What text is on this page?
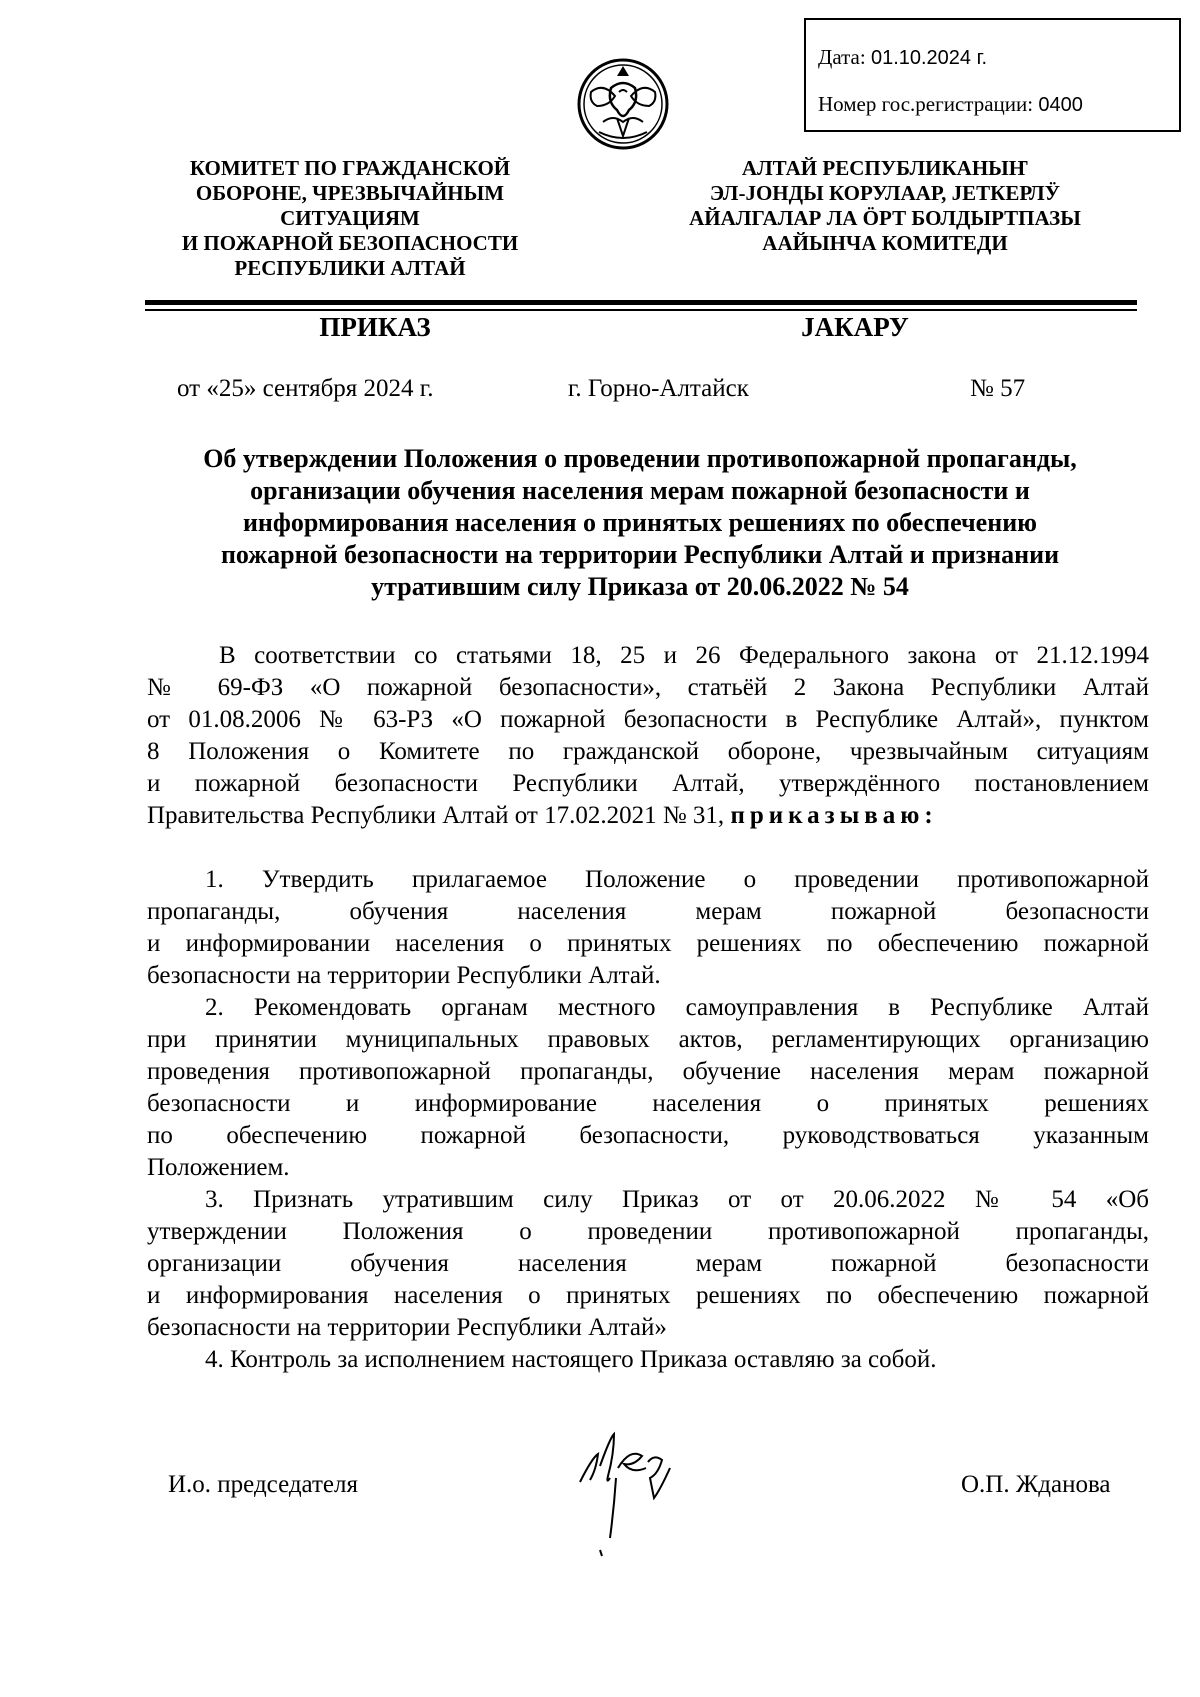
Дата: 01.10.2024 г.
Номер гос.регистрации: 0400
КОМИТЕТ ПО ГРАЖДАНСКОЙ
ОБОРОНЕ, ЧРЕЗВЫЧАЙНЫМ
СИТУАЦИЯМ
И ПОЖАРНОЙ БЕЗОПАСНОСТИ
РЕСПУБЛИКИ АЛТАЙ
АЛТАЙ РЕСПУБЛИКАНЫҤ
ЭЛ-ЈОНДЫ КОРУЛААР, ЈЕТКЕРЛӰ
АЙАЛГАЛАР ЛА ӦРТ БОЛДЫРТПАЗЫ
ААЙЫНЧА КОМИТЕДИ
ПРИКАЗ	ЈАКАРУ
от «25» сентября 2024 г.	г. Горно-Алтайск	№ 57
Об утверждении Положения о проведении противопожарной пропаганды,
организации обучения населения мерам пожарной безопасности и
информирования населения о принятых решениях по обеспечению
пожарной безопасности на территории Республики Алтай и признании
утратившим силу Приказа от 20.06.2022 № 54
В соответствии со статьями 18, 25 и 26 Федерального закона от 21.12.1994
№ 69-ФЗ «О пожарной безопасности», статьёй 2 Закона Республики Алтай
от 01.08.2006 № 63-РЗ «О пожарной безопасности в Республике Алтай», пунктом
8 Положения о Комитете по гражданской обороне, чрезвычайным ситуациям
и пожарной безопасности Республики Алтай, утверждённого постановлением
Правительства Республики Алтай от 17.02.2021 № 31, приказываю:
1. Утвердить прилагаемое Положение о проведении противопожарной
пропаганды, обучения населения мерам пожарной безопасности
и информировании населения о принятых решениях по обеспечению пожарной
безопасности на территории Республики Алтай.
2. Рекомендовать органам местного самоуправления в Республике Алтай
при принятии муниципальных правовых актов, регламентирующих организацию
проведения противопожарной пропаганды, обучение населения мерам пожарной
безопасности и информирование населения о принятых решениях
по обеспечению пожарной безопасности, руководствоваться указанным
Положением.
3. Признать утратившим силу Приказ от от 20.06.2022 № 54 «Об
утверждении Положения о проведении противопожарной пропаганды,
организации обучения населения мерам пожарной безопасности
и информирования населения о принятых решениях по обеспечению пожарной
безопасности на территории Республики Алтай»
4. Контроль за исполнением настоящего Приказа оставляю за собой.
И.о. председателя	О.П. Жданова
